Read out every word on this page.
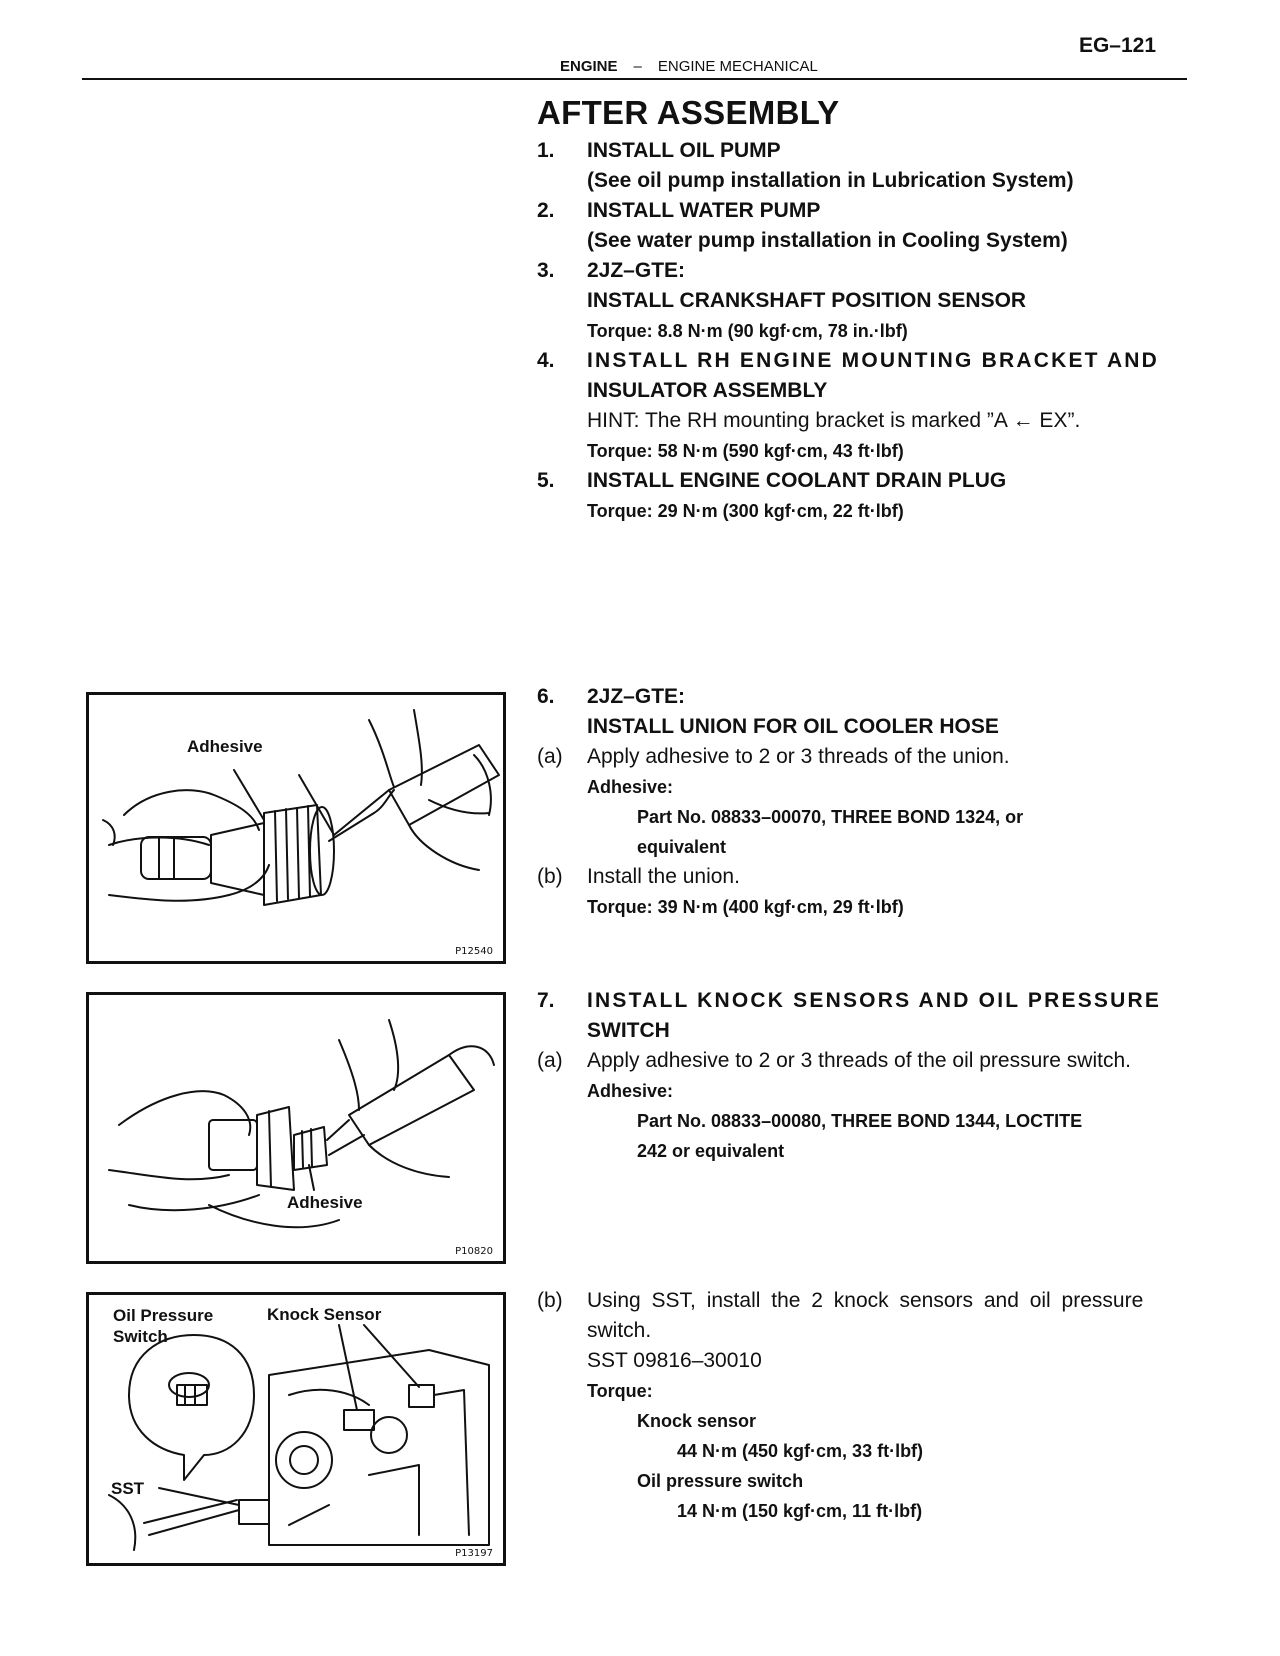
EG–121
ENGINE – ENGINE MECHANICAL
AFTER ASSEMBLY
1. INSTALL OIL PUMP
(See oil pump installation in Lubrication System)
2. INSTALL WATER PUMP
(See water pump installation in Cooling System)
3. 2JZ–GTE:
INSTALL CRANKSHAFT POSITION SENSOR
Torque: 8.8 N·m (90 kgf·cm, 78 in.·lbf)
4. INSTALL RH ENGINE MOUNTING BRACKET AND
INSULATOR ASSEMBLY
HINT: The RH mounting bracket is marked ”A ← EX”.
Torque: 58 N·m (590 kgf·cm, 43 ft·lbf)
5. INSTALL ENGINE COOLANT DRAIN PLUG
Torque: 29 N·m (300 kgf·cm, 22 ft·lbf)
6. 2JZ–GTE:
INSTALL UNION FOR OIL COOLER HOSE
(a) Apply adhesive to 2 or 3 threads of the union.
Adhesive:
Part No. 08833–00070, THREE BOND 1324, or
equivalent
(b) Install the union.
Torque: 39 N·m (400 kgf·cm, 29 ft·lbf)
7. INSTALL KNOCK SENSORS AND OIL PRESSURE
SWITCH
(a) Apply adhesive to 2 or 3 threads of the oil pressure switch.
Adhesive:
Part No. 08833–00080, THREE BOND 1344, LOCTITE
242 or equivalent
(b) Using SST, install the 2 knock sensors and oil pressure
switch.
SST 09816–30010
Torque:
Knock sensor
44 N·m (450 kgf·cm, 33 ft·lbf)
Oil pressure switch
14 N·m (150 kgf·cm, 11 ft·lbf)
Adhesive
P12540
Adhesive
P10820
Oil Pressure
Switch
Knock Sensor
SST
P13197
